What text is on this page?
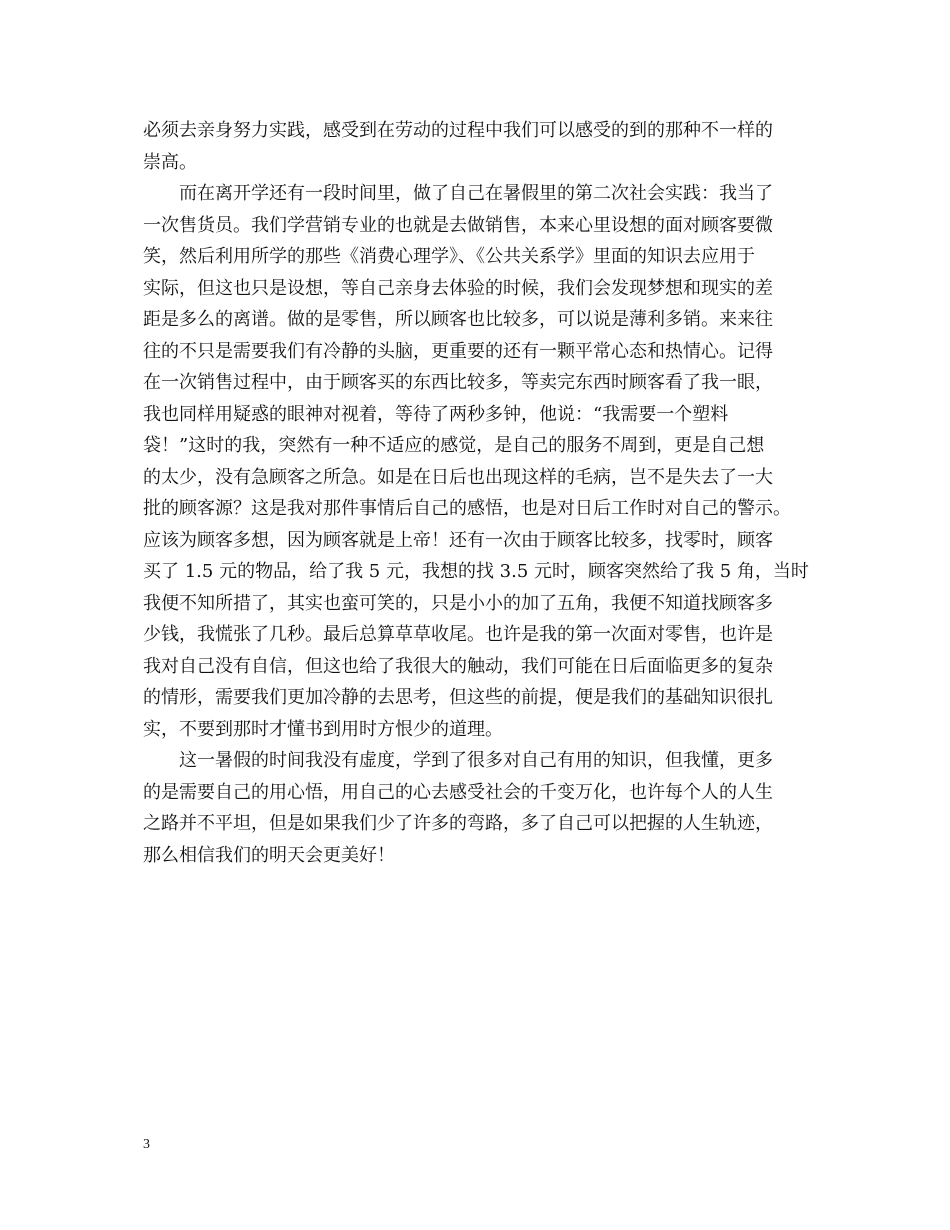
必须去亲身努力实践，感受到在劳动的过程中我们可以感受的到的那种不一样的
崇高。
而在离开学还有一段时间里，做了自己在暑假里的第二次社会实践：我当了
一次售货员。我们学营销专业的也就是去做销售，本来心里设想的面对顾客要微
笑，然后利用所学的那些《消费心理学》、《公共关系学》里面的知识去应用于
实际，但这也只是设想，等自己亲身去体验的时候，我们会发现梦想和现实的差
距是多么的离谱。做的是零售，所以顾客也比较多，可以说是薄利多销。来来往
往的不只是需要我们有冷静的头脑，更重要的还有一颗平常心态和热情心。记得
在一次销售过程中，由于顾客买的东西比较多，等卖完东西时顾客看了我一眼，
我也同样用疑惑的眼神对视着，等待了两秒多钟，他说：“我需要一个塑料
袋！”这时的我，突然有一种不适应的感觉，是自己的服务不周到，更是自己想
的太少，没有急顾客之所急。如是在日后也出现这样的毛病，岂不是失去了一大
批的顾客源？这是我对那件事情后自己的感悟，也是对日后工作时对自己的警示。
应该为顾客多想，因为顾客就是上帝！还有一次由于顾客比较多，找零时，顾客
买了 1.5 元的物品，给了我 5 元，我想的找 3.5 元时，顾客突然给了我 5 角，当时
我便不知所措了，其实也蛮可笑的，只是小小的加了五角，我便不知道找顾客多
少钱，我慌张了几秒。最后总算草草收尾。也许是我的第一次面对零售，也许是
我对自己没有自信，但这也给了我很大的触动，我们可能在日后面临更多的复杂
的情形，需要我们更加冷静的去思考，但这些的前提，便是我们的基础知识很扎
实，不要到那时才懂书到用时方恨少的道理。
这一暑假的时间我没有虚度，学到了很多对自己有用的知识，但我懂，更多
的是需要自己的用心悟，用自己的心去感受社会的千变万化，也许每个人的人生
之路并不平坦，但是如果我们少了许多的弯路，多了自己可以把握的人生轨迹，
那么相信我们的明天会更美好！
3
